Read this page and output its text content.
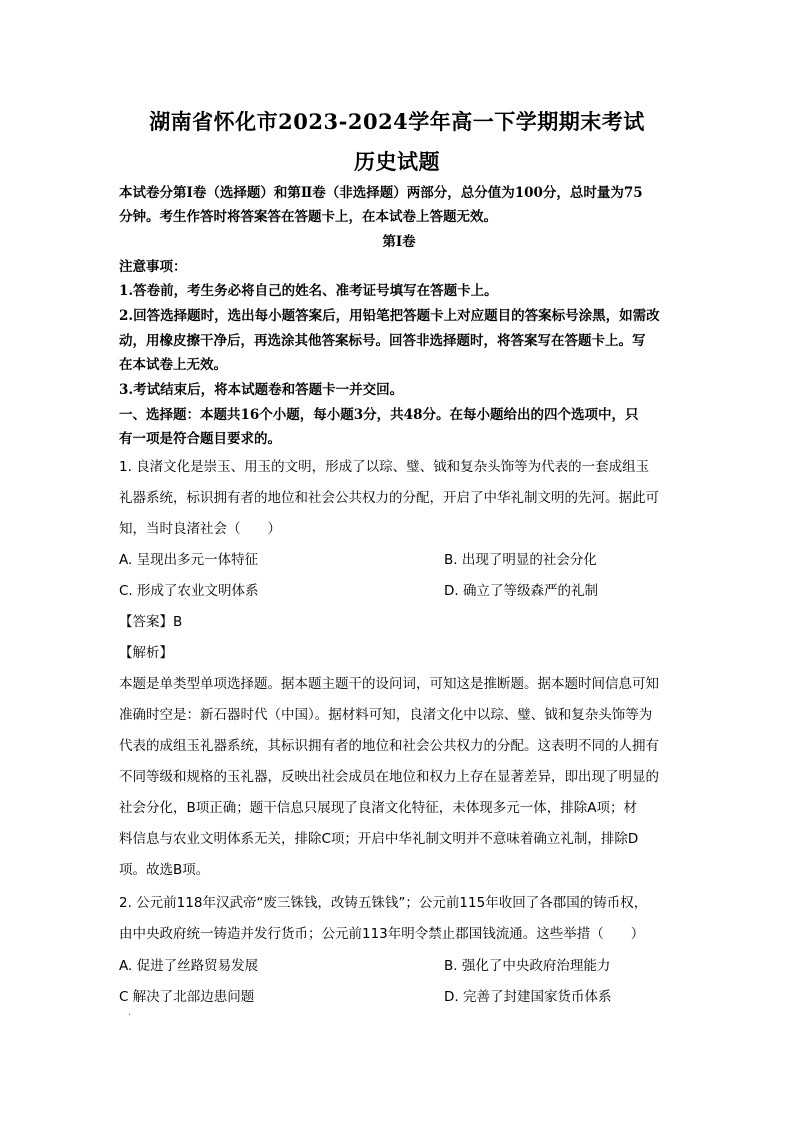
湖南省怀化市2023-2024学年高一下学期期末考试
历史试题
本试卷分第Ⅰ卷（选择题）和第Ⅱ卷（非选择题）两部分，总分值为100分，总时量为75
分钟。考生作答时将答案答在答题卡上，在本试卷上答题无效。
第Ⅰ卷
注意事项：
1.答卷前，考生务必将自己的姓名、准考证号填写在答题卡上。
2.回答选择题时，选出每小题答案后，用铅笔把答题卡上对应题目的答案标号涂黑，如需改
动，用橡皮擦干净后，再选涂其他答案标号。回答非选择题时，将答案写在答题卡上。写
在本试卷上无效。
3.考试结束后，将本试题卷和答题卡一并交回。
一、选择题：本题共16个小题，每小题3分，共48分。在每小题给出的四个选项中，只
有一项是符合题目要求的。
1. 良渚文化是崇玉、用玉的文明，形成了以琮、璧、钺和复杂头饰等为代表的一套成组玉
礼器系统，标识拥有者的地位和社会公共权力的分配，开启了中华礼制文明的先河。据此可
知，当时良渚社会（　　）
A. 呈现出多元一体特征	B. 出现了明显的社会分化
C. 形成了农业文明体系	D. 确立了等级森严的礼制
【答案】B
【解析】
本题是单类型单项选择题。据本题主题干的设问词，可知这是推断题。据本题时间信息可知
准确时空是：新石器时代（中国）。据材料可知，良渚文化中以琮、璧、钺和复杂头饰等为
代表的成组玉礼器系统，其标识拥有者的地位和社会公共权力的分配。这表明不同的人拥有
不同等级和规格的玉礼器，反映出社会成员在地位和权力上存在显著差异，即出现了明显的
社会分化，B项正确；题干信息只展现了良渚文化特征，未体现多元一体，排除A项；材
料信息与农业文明体系无关，排除C项；开启中华礼制文明并不意味着确立礼制，排除D
项。故选B项。
2. 公元前118年汉武帝“废三铢钱，改铸五铢钱”；公元前115年收回了各郡国的铸币权，
由中央政府统一铸造并发行货币；公元前113年明令禁止郡国钱流通。这些举措（　　）
A. 促进了丝路贸易发展	B. 强化了中央政府治理能力
C 解决了北部边患问题	D. 完善了封建国家货币体系
·
